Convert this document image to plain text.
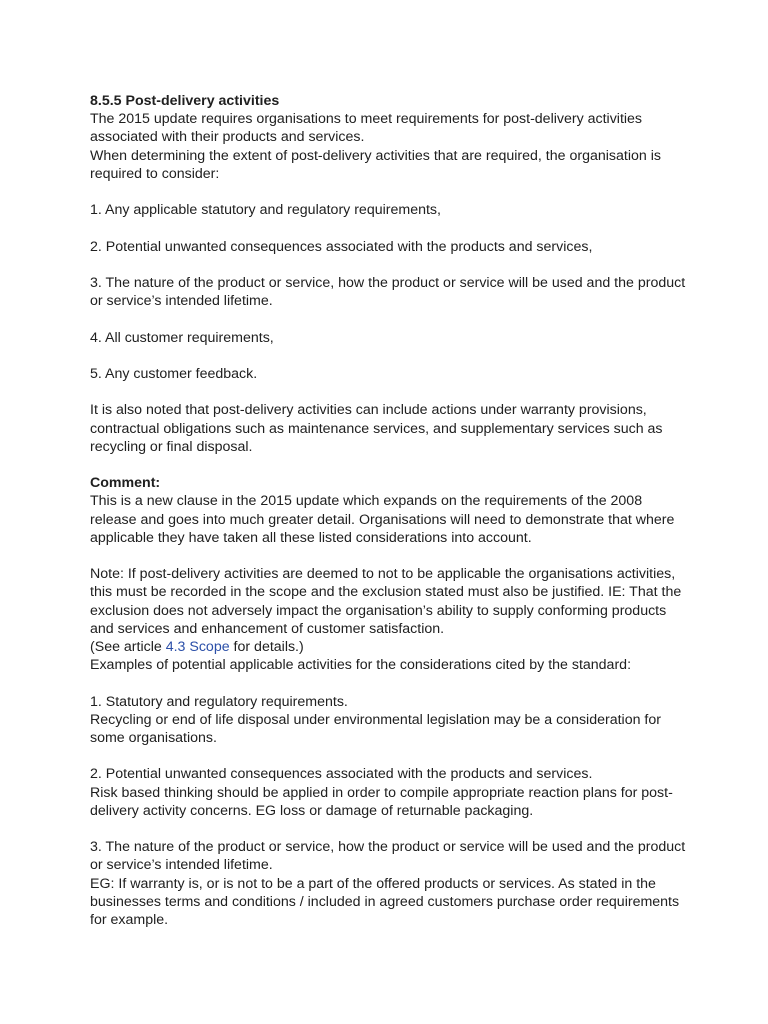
8.5.5 Post-delivery activities

The 2015 update requires organisations to meet requirements for post-delivery activities associated with their products and services.

When determining the extent of post-delivery activities that are required, the organisation is required to consider:

1. Any applicable statutory and regulatory requirements,

2. Potential unwanted consequences associated with the products and services,

3. The nature of the product or service, how the product or service will be used and the product or service’s intended lifetime.

4. All customer requirements,

5. Any customer feedback.

It is also noted that post-delivery activities can include actions under warranty provisions, contractual obligations such as maintenance services, and supplementary services such as recycling or final disposal.

Comment:

This is a new clause in the 2015 update which expands on the requirements of the 2008 release and goes into much greater detail. Organisations will need to demonstrate that where applicable they have taken all these listed considerations into account.

Note: If post-delivery activities are deemed to not to be applicable the organisations activities, this must be recorded in the scope and the exclusion stated must also be justified. IE: That the exclusion does not adversely impact the organisation’s ability to supply conforming products and services and enhancement of customer satisfaction.

(See article 4.3 Scope for details.)

Examples of potential applicable activities for the considerations cited by the standard:

1. Statutory and regulatory requirements.

Recycling or end of life disposal under environmental legislation may be a consideration for some organisations.

2. Potential unwanted consequences associated with the products and services.

Risk based thinking should be applied in order to compile appropriate reaction plans for post-delivery activity concerns. EG loss or damage of returnable packaging.

3. The nature of the product or service, how the product or service will be used and the product or service’s intended lifetime.

EG: If warranty is, or is not to be a part of the offered products or services. As stated in the businesses terms and conditions / included in agreed customers purchase order requirements for example.
